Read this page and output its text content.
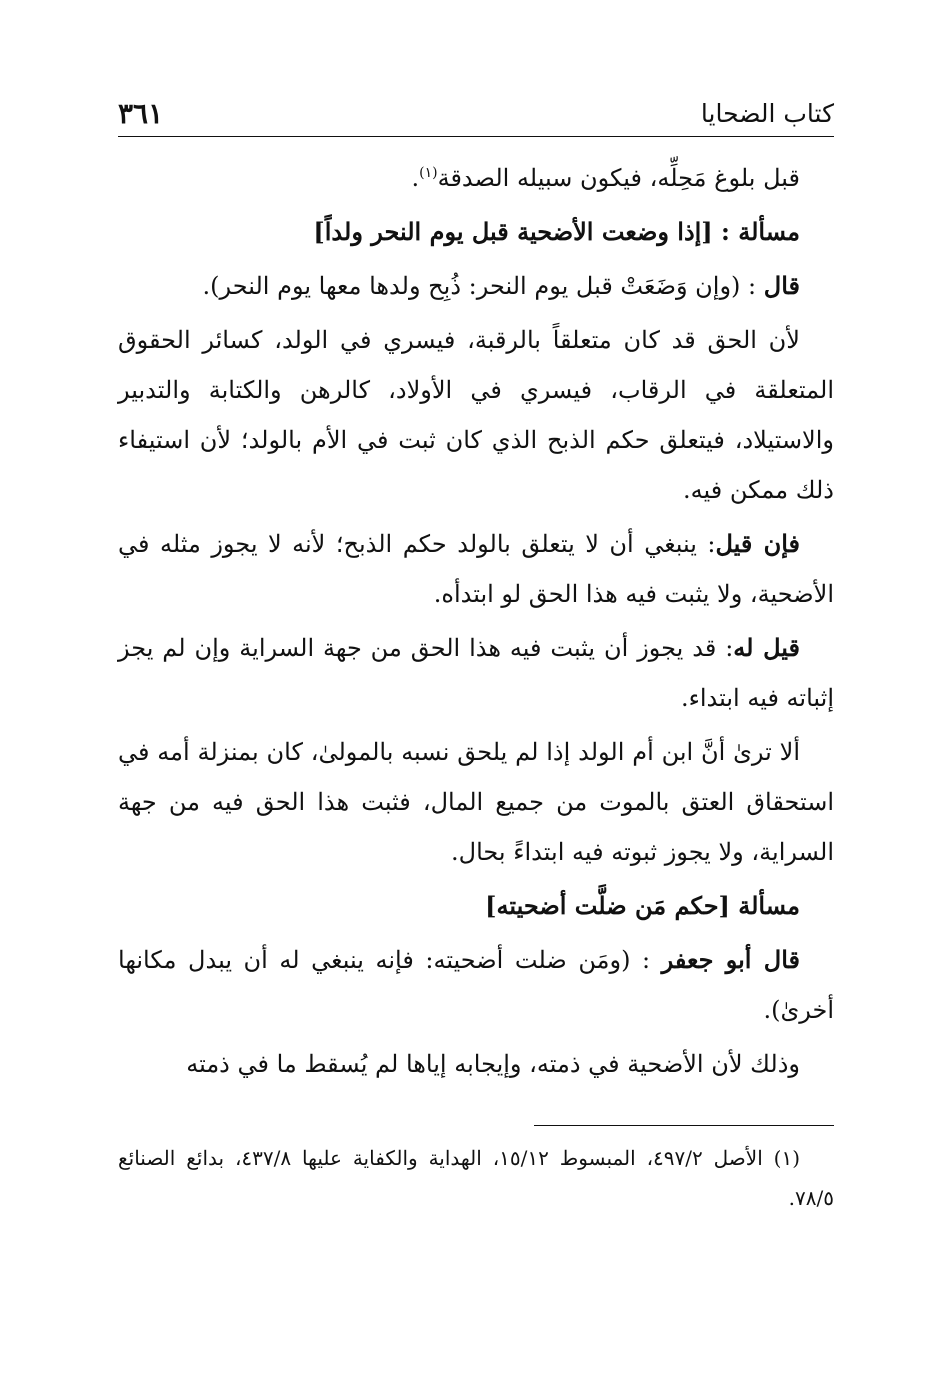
كتاب الضحايا
٣٦١

قبل بلوغ مَحِلِّه، فيكون سبيله الصدقة$^{(١)}$.

مسألة : [إذا وضعت الأضحية قبل يوم النحر ولداً]

قال : (وإن وَضَعَتْ قبل يوم النحر: ذُبِح ولدها معها يوم النحر).

لأن الحق قد كان متعلقاً بالرقبة، فيسري في الولد، كسائر الحقوق المتعلقة في الرقاب، فيسري في الأولاد، كالرهن والكتابة والتدبير والاستيلاد، فيتعلق حكم الذبح الذي كان ثبت في الأم بالولد؛ لأن استيفاء ذلك ممكن فيه.

فإن قيل: ينبغي أن لا يتعلق بالولد حكم الذبح؛ لأنه لا يجوز مثله في الأضحية، ولا يثبت فيه هذا الحق لو ابتدأه.

قيل له: قد يجوز أن يثبت فيه هذا الحق من جهة السراية وإن لم يجز إثباته فيه ابتداء.

ألا ترىٰ أنَّ ابن أم الولد إذا لم يلحق نسبه بالمولىٰ، كان بمنزلة أمه في استحقاق العتق بالموت من جميع المال، فثبت هذا الحق فيه من جهة السراية، ولا يجوز ثبوته فيه ابتداءً بحال.

مسألة [حكم مَن ضلَّت أضحيته]

قال أبو جعفر : (ومَن ضلت أضحيته: فإنه ينبغي له أن يبدل مكانها أخرىٰ).

وذلك لأن الأضحية في ذمته، وإيجابه إياها لم يُسقط ما في ذمته

(١) الأصل ٤٩٧/٢، المبسوط ١٥/١٢، الهداية والكفاية عليها ٤٣٧/٨، بدائع الصنائع ٧٨/٥.
